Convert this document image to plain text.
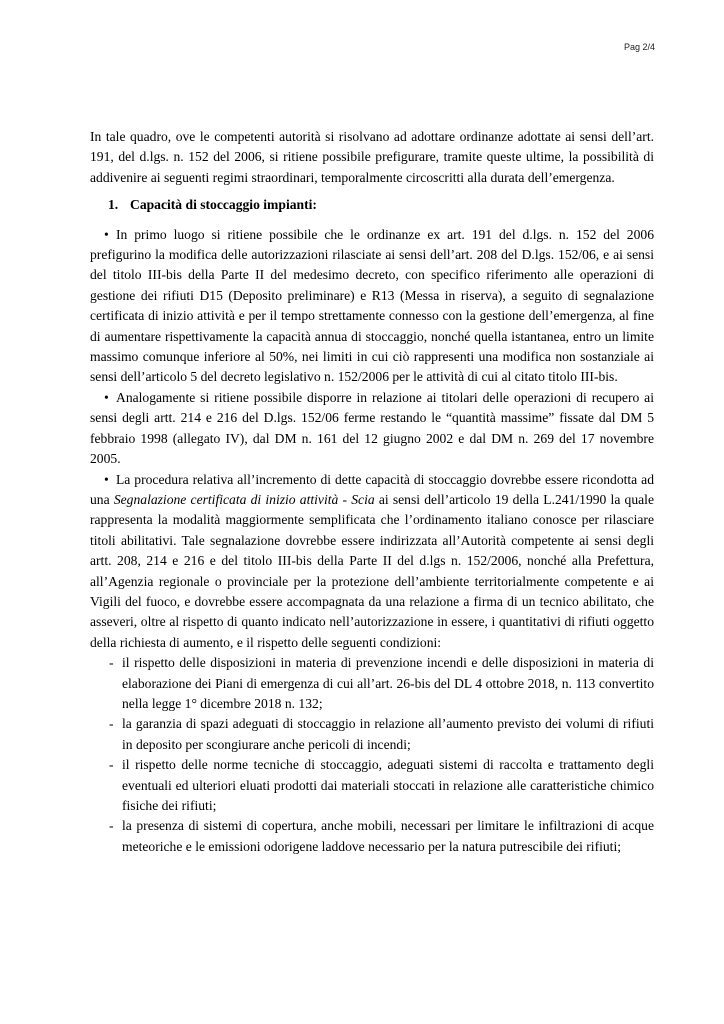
Pag 2/4

In tale quadro, ove le competenti autorità si risolvano ad adottare ordinanze adottate ai sensi dell’art. 191, del d.lgs. n. 152 del 2006, si ritiene possibile prefigurare, tramite queste ultime, la possibilità di addivenire ai seguenti regimi straordinari, temporalmente circoscritti alla durata dell’emergenza.

1. Capacità di stoccaggio impianti:

• In primo luogo si ritiene possibile che le ordinanze ex art. 191 del d.lgs. n. 152 del 2006 prefigurino la modifica delle autorizzazioni rilasciate ai sensi dell’art. 208 del D.lgs. 152/06, e ai sensi del titolo III-bis della Parte II del medesimo decreto, con specifico riferimento alle operazioni di gestione dei rifiuti D15 (Deposito preliminare) e R13 (Messa in riserva), a seguito di segnalazione certificata di inizio attività e per il tempo strettamente connesso con la gestione dell’emergenza, al fine di aumentare rispettivamente la capacità annua di stoccaggio, nonché quella istantanea, entro un limite massimo comunque inferiore al 50%, nei limiti in cui ciò rappresenti una modifica non sostanziale ai sensi dell’articolo 5 del decreto legislativo n. 152/2006 per le attività di cui al citato titolo III-bis.

• Analogamente si ritiene possibile disporre in relazione ai titolari delle operazioni di recupero ai sensi degli artt. 214 e 216 del D.lgs. 152/06 ferme restando le “quantità massime” fissate dal DM 5 febbraio 1998 (allegato IV), dal DM n. 161 del 12 giugno 2002 e dal DM n. 269 del 17 novembre 2005.

• La procedura relativa all’incremento di dette capacità di stoccaggio dovrebbe essere ricondotta ad una Segnalazione certificata di inizio attività - Scia ai sensi dell’articolo 19 della L.241/1990 la quale rappresenta la modalità maggiormente semplificata che l’ordinamento italiano conosce per rilasciare titoli abilitativi. Tale segnalazione dovrebbe essere indirizzata all’Autorità competente ai sensi degli artt. 208, 214 e 216 e del titolo III-bis della Parte II del d.lgs n. 152/2006, nonché alla Prefettura, all’Agenzia regionale o provinciale per la protezione dell’ambiente territorialmente competente e ai Vigili del fuoco, e dovrebbe essere accompagnata da una relazione a firma di un tecnico abilitato, che asseveri, oltre al rispetto di quanto indicato nell’autorizzazione in essere, i quantitativi di rifiuti oggetto della richiesta di aumento, e il rispetto delle seguenti condizioni:

- il rispetto delle disposizioni in materia di prevenzione incendi e delle disposizioni in materia di elaborazione dei Piani di emergenza di cui all’art. 26-bis del DL 4 ottobre 2018, n. 113 convertito nella legge 1° dicembre 2018 n. 132;
- la garanzia di spazi adeguati di stoccaggio in relazione all’aumento previsto dei volumi di rifiuti in deposito per scongiurare anche pericoli di incendi;
- il rispetto delle norme tecniche di stoccaggio, adeguati sistemi di raccolta e trattamento degli eventuali ed ulteriori eluati prodotti dai materiali stoccati in relazione alle caratteristiche chimico fisiche dei rifiuti;
- la presenza di sistemi di copertura, anche mobili, necessari per limitare le infiltrazioni di acque meteoriche e le emissioni odorigene laddove necessario per la natura putrescibile dei rifiuti;
